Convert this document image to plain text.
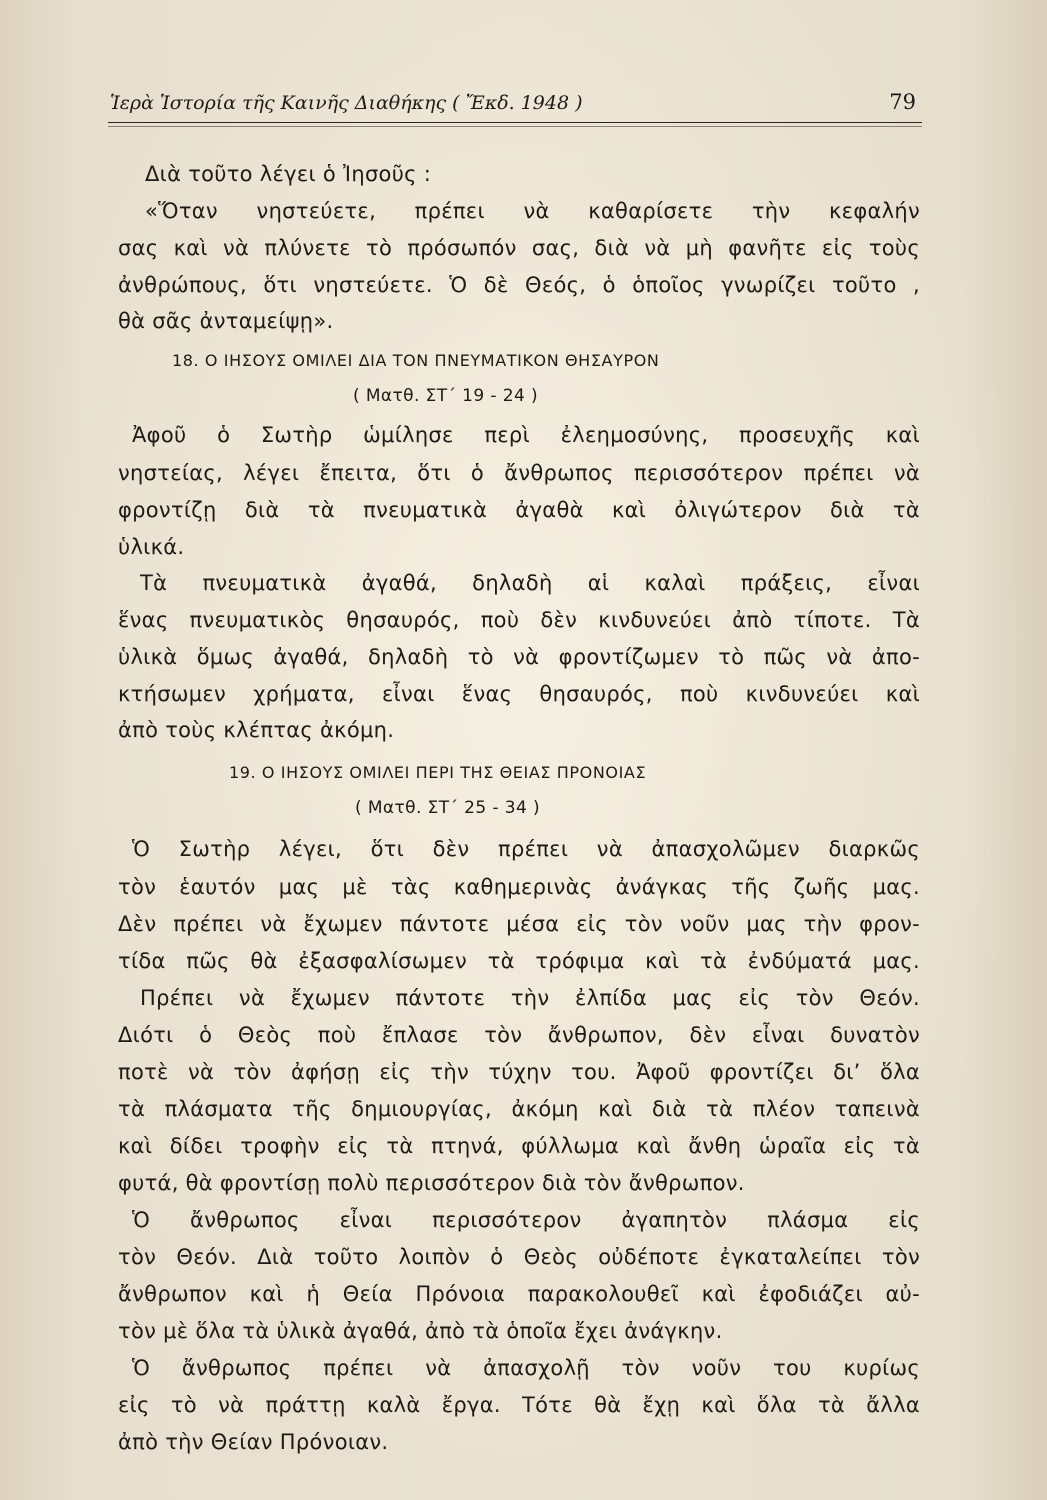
Ἱερὰ Ἱστορία τῆς Καινῆς Διαθήκης ( Ἔκδ. 1948 )	79
Διὰ τοῦτο λέγει ὁ Ἰησοῦς :
«Ὅταν νηστεύετε, πρέπει νὰ καθαρίσετε τὴν κεφαλήν
σας καὶ νὰ πλύνετε τὸ πρόσωπόν σας, διὰ νὰ μὴ φανῆτε εἰς τοὺς
ἀνθρώπους, ὅτι νηστεύετε. Ὁ δὲ Θεός, ὁ ὁποῖος γνωρίζει τοῦτο ,
θὰ σᾶς ἀνταμείψῃ».
18. Ο ΙΗΣΟΥΣ ΟΜΙΛΕΙ ΔΙΑ ΤΟΝ ΠΝΕΥΜΑΤΙΚΟΝ ΘΗΣΑΥΡΟΝ
( Ματθ. ΣΤ΄ 19 - 24 )
Ἀφοῦ ὁ Σωτὴρ ὡμίλησε περὶ ἐλεημοσύνης, προσευχῆς καὶ
νηστείας, λέγει ἔπειτα, ὅτι ὁ ἄνθρωπος περισσότερον πρέπει νὰ
φροντίζῃ διὰ τὰ πνευματικὰ ἀγαθὰ καὶ ὀλιγώτερον διὰ τὰ
ὑλικά.
Τὰ πνευματικὰ ἀγαθά, δηλαδὴ αἱ καλαὶ πράξεις, εἶναι
ἕνας πνευματικὸς θησαυρός, ποὺ δὲν κινδυνεύει ἀπὸ τίποτε. Τὰ
ὑλικὰ ὅμως ἀγαθά, δηλαδὴ τὸ νὰ φροντίζωμεν τὸ πῶς νὰ ἀπο-
κτήσωμεν χρήματα, εἶναι ἕνας θησαυρός, ποὺ κινδυνεύει καὶ
ἀπὸ τοὺς κλέπτας ἀκόμη.
19. Ο ΙΗΣΟΥΣ ΟΜΙΛΕΙ ΠΕΡΙ ΤΗΣ ΘΕΙΑΣ ΠΡΟΝΟΙΑΣ
( Ματθ. ΣΤ΄ 25 - 34 )
Ὁ Σωτὴρ λέγει, ὅτι δὲν πρέπει νὰ ἀπασχολῶμεν διαρκῶς
τὸν ἑαυτόν μας μὲ τὰς καθημερινὰς ἀνάγκας τῆς ζωῆς μας.
Δὲν πρέπει νὰ ἔχωμεν πάντοτε μέσα εἰς τὸν νοῦν μας τὴν φρον-
τίδα πῶς θὰ ἐξασφαλίσωμεν τὰ τρόφιμα καὶ τὰ ἐνδύματά μας.
Πρέπει νὰ ἔχωμεν πάντοτε τὴν ἐλπίδα μας εἰς τὸν Θεόν.
Διότι ὁ Θεὸς ποὺ ἔπλασε τὸν ἄνθρωπον, δὲν εἶναι δυνατὸν
ποτὲ νὰ τὸν ἀφήσῃ εἰς τὴν τύχην του. Ἀφοῦ φροντίζει δι’ ὅλα
τὰ πλάσματα τῆς δημιουργίας, ἀκόμη καὶ διὰ τὰ πλέον ταπεινὰ
καὶ δίδει τροφὴν εἰς τὰ πτηνά, φύλλωμα καὶ ἄνθη ὡραῖα εἰς τὰ
φυτά, θὰ φροντίσῃ πολὺ περισσότερον διὰ τὸν ἄνθρωπον.
Ὁ ἄνθρωπος εἶναι περισσότερον ἀγαπητὸν πλάσμα εἰς
τὸν Θεόν. Διὰ τοῦτο λοιπὸν ὁ Θεὸς οὐδέποτε ἐγκαταλείπει τὸν
ἄνθρωπον καὶ ἡ Θεία Πρόνοια παρακολουθεῖ καὶ ἐφοδιάζει αὐ-
τὸν μὲ ὅλα τὰ ὑλικὰ ἀγαθά, ἀπὸ τὰ ὁποῖα ἔχει ἀνάγκην.
Ὁ ἄνθρωπος πρέπει νὰ ἀπασχολῇ τὸν νοῦν του κυρίως
εἰς τὸ νὰ πράττῃ καλὰ ἔργα. Τότε θὰ ἔχῃ καὶ ὅλα τὰ ἄλλα
ἀπὸ τὴν Θείαν Πρόνοιαν.
